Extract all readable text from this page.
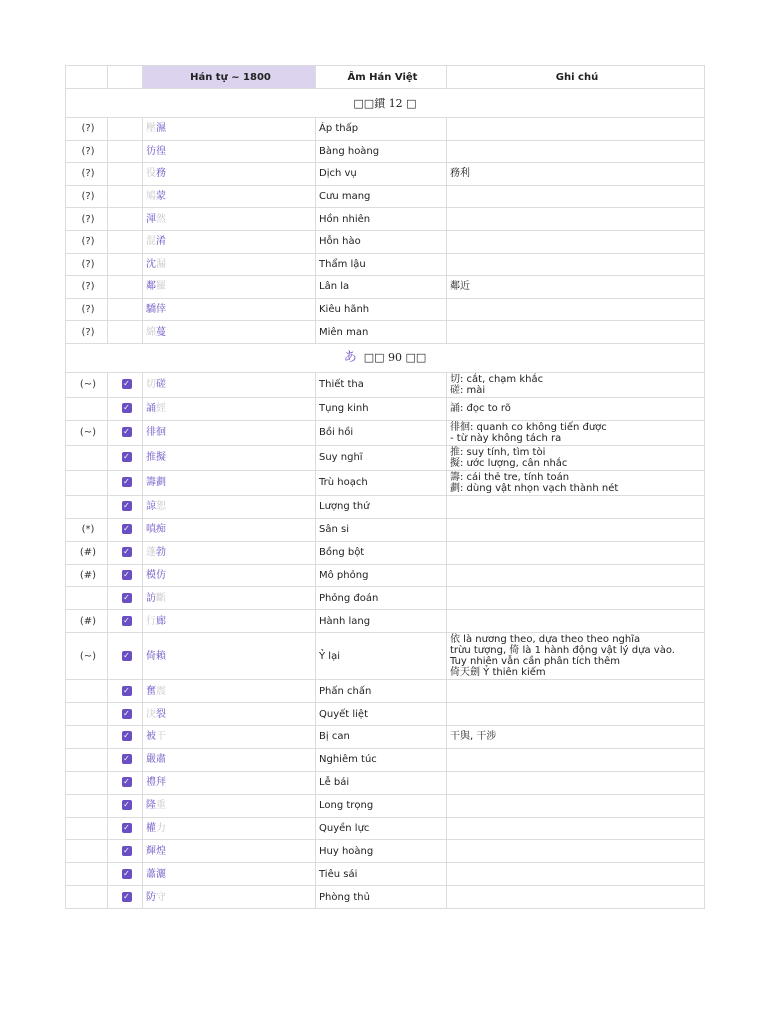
		Hán tự ~ 1800	Âm Hán Việt	Ghi chú
□□鏆 12 □				
(?)		壓濕	Áp thấp	
(?)		彷徨	Bàng hoàng	
(?)		役務	Dịch vụ	務利

(?)		鳩蒙	Cưu mang	
(?)		渾然	Hồn nhiên	
(?)		混淆	Hỗn hào	
(?)		沈漏	Thẩm lậu	
(?)		鄰羅	Lân la	鄰近

(?)		驕倖	Kiêu hãnh	
(?)		綿蔓	Miên man	
あ □□ 90 □□				
(~)	✓	切磋	Thiết tha	切: cắt, chạm khắc
磋: mài

	✓	誦經	Tụng kinh	誦: đọc to rõ

(~)	✓	徘徊	Bồi hồi	徘徊: quanh co không tiến được
- từ này không tách ra

	✓	推擬	Suy nghĩ	推: suy tính, tìm tòi
擬: ước lượng, cân nhắc

	✓	籌劃	Trù hoạch	籌: cái thẻ tre, tính toán
劃: dùng vật nhọn vạch thành nét

	✓	諒恕	Lượng thứ	
(*)	✓	嗔痴	Sân si	
(#)	✓	蓬勃	Bồng bột	
(#)	✓	模仿	Mô phỏng	
	✓	訪斷	Phỏng đoán	
(#)	✓	行廊	Hành lang	
(~)	✓	倚賴	Ỷ lại	依 là nương theo, dựa theo theo nghĩa
trừu tượng, 倚 là 1 hành động vật lý dựa vào.
Tuy nhiên vẫn cần phân tích thêm
倚天劍 Ỷ thiên kiếm

	✓	奮震	Phấn chấn	
	✓	決裂	Quyết liệt	
	✓	被干	Bị can	干與, 干涉

	✓	嚴肅	Nghiêm túc	
	✓	禮拜	Lễ bái	
	✓	隆重	Long trọng	
	✓	權力	Quyền lực	
	✓	輝煌	Huy hoàng	
	✓	蕭灑	Tiêu sái	
	✓	防守	Phòng thủ	
